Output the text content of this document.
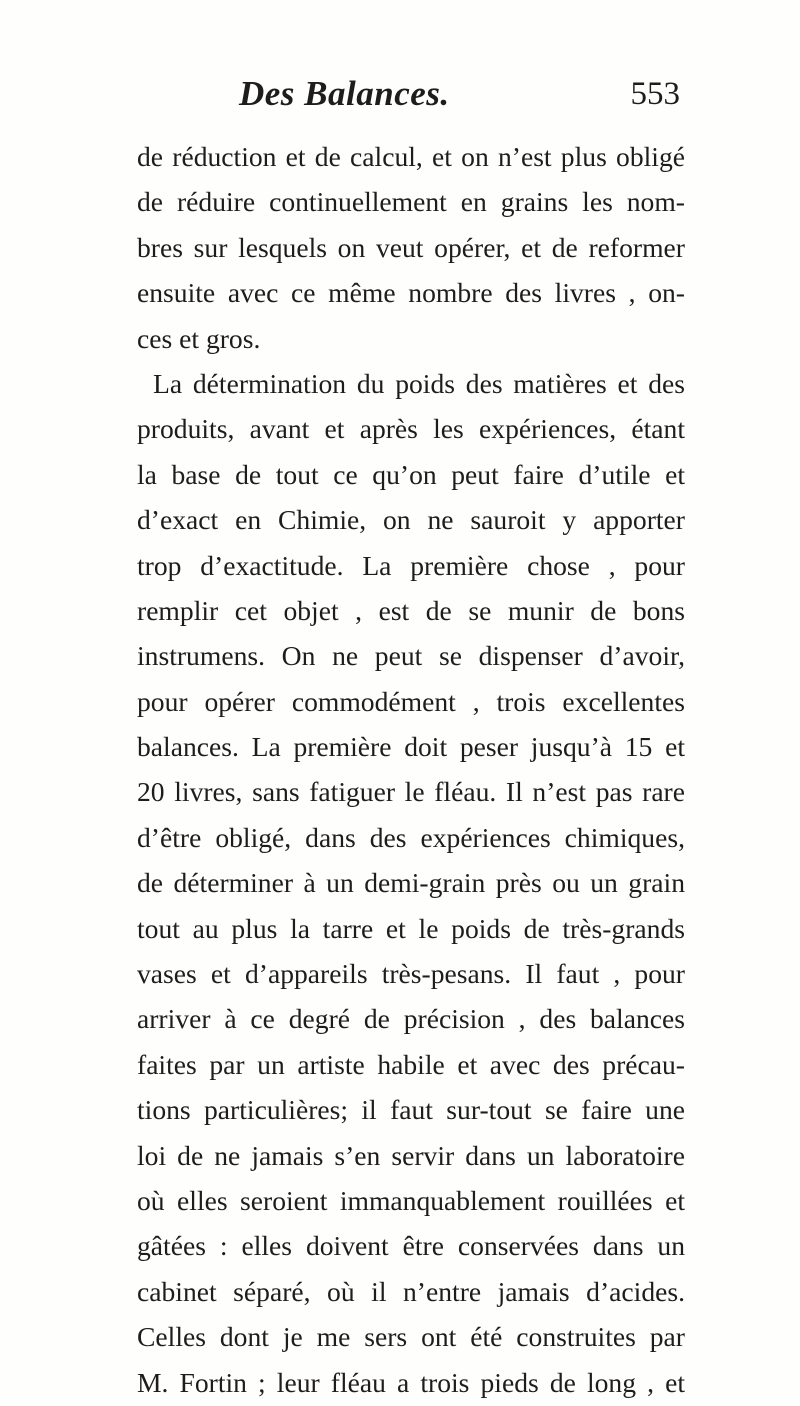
Des Balances.	553
de réduction et de calcul, et on n’est plus obligé
de réduire continuellement en grains les nom-
bres sur lesquels on veut opérer, et de reformer
ensuite avec ce même nombre des livres , on-
ces et gros.
La détermination du poids des matières et des
produits, avant et après les expériences, étant
la base de tout ce qu’on peut faire d’utile et
d’exact en Chimie, on ne sauroit y apporter
trop d’exactitude. La première chose , pour
remplir cet objet , est de se munir de bons
instrumens. On ne peut se dispenser d’avoir,
pour opérer commodément , trois excellentes
balances. La première doit peser jusqu’à 15 et
20 livres, sans fatiguer le fléau. Il n’est pas rare
d’être obligé, dans des expériences chimiques,
de déterminer à un demi-grain près ou un grain
tout au plus la tarre et le poids de très-grands
vases et d’appareils très-pesans. Il faut , pour
arriver à ce degré de précision , des balances
faites par un artiste habile et avec des précau-
tions particulières; il faut sur-tout se faire une
loi de ne jamais s’en servir dans un laboratoire
où elles seroient immanquablement rouillées et
gâtées : elles doivent être conservées dans un
cabinet séparé, où il n’entre jamais d’acides.
Celles dont je me sers ont été construites par
M. Fortin ; leur fléau a trois pieds de long , et
